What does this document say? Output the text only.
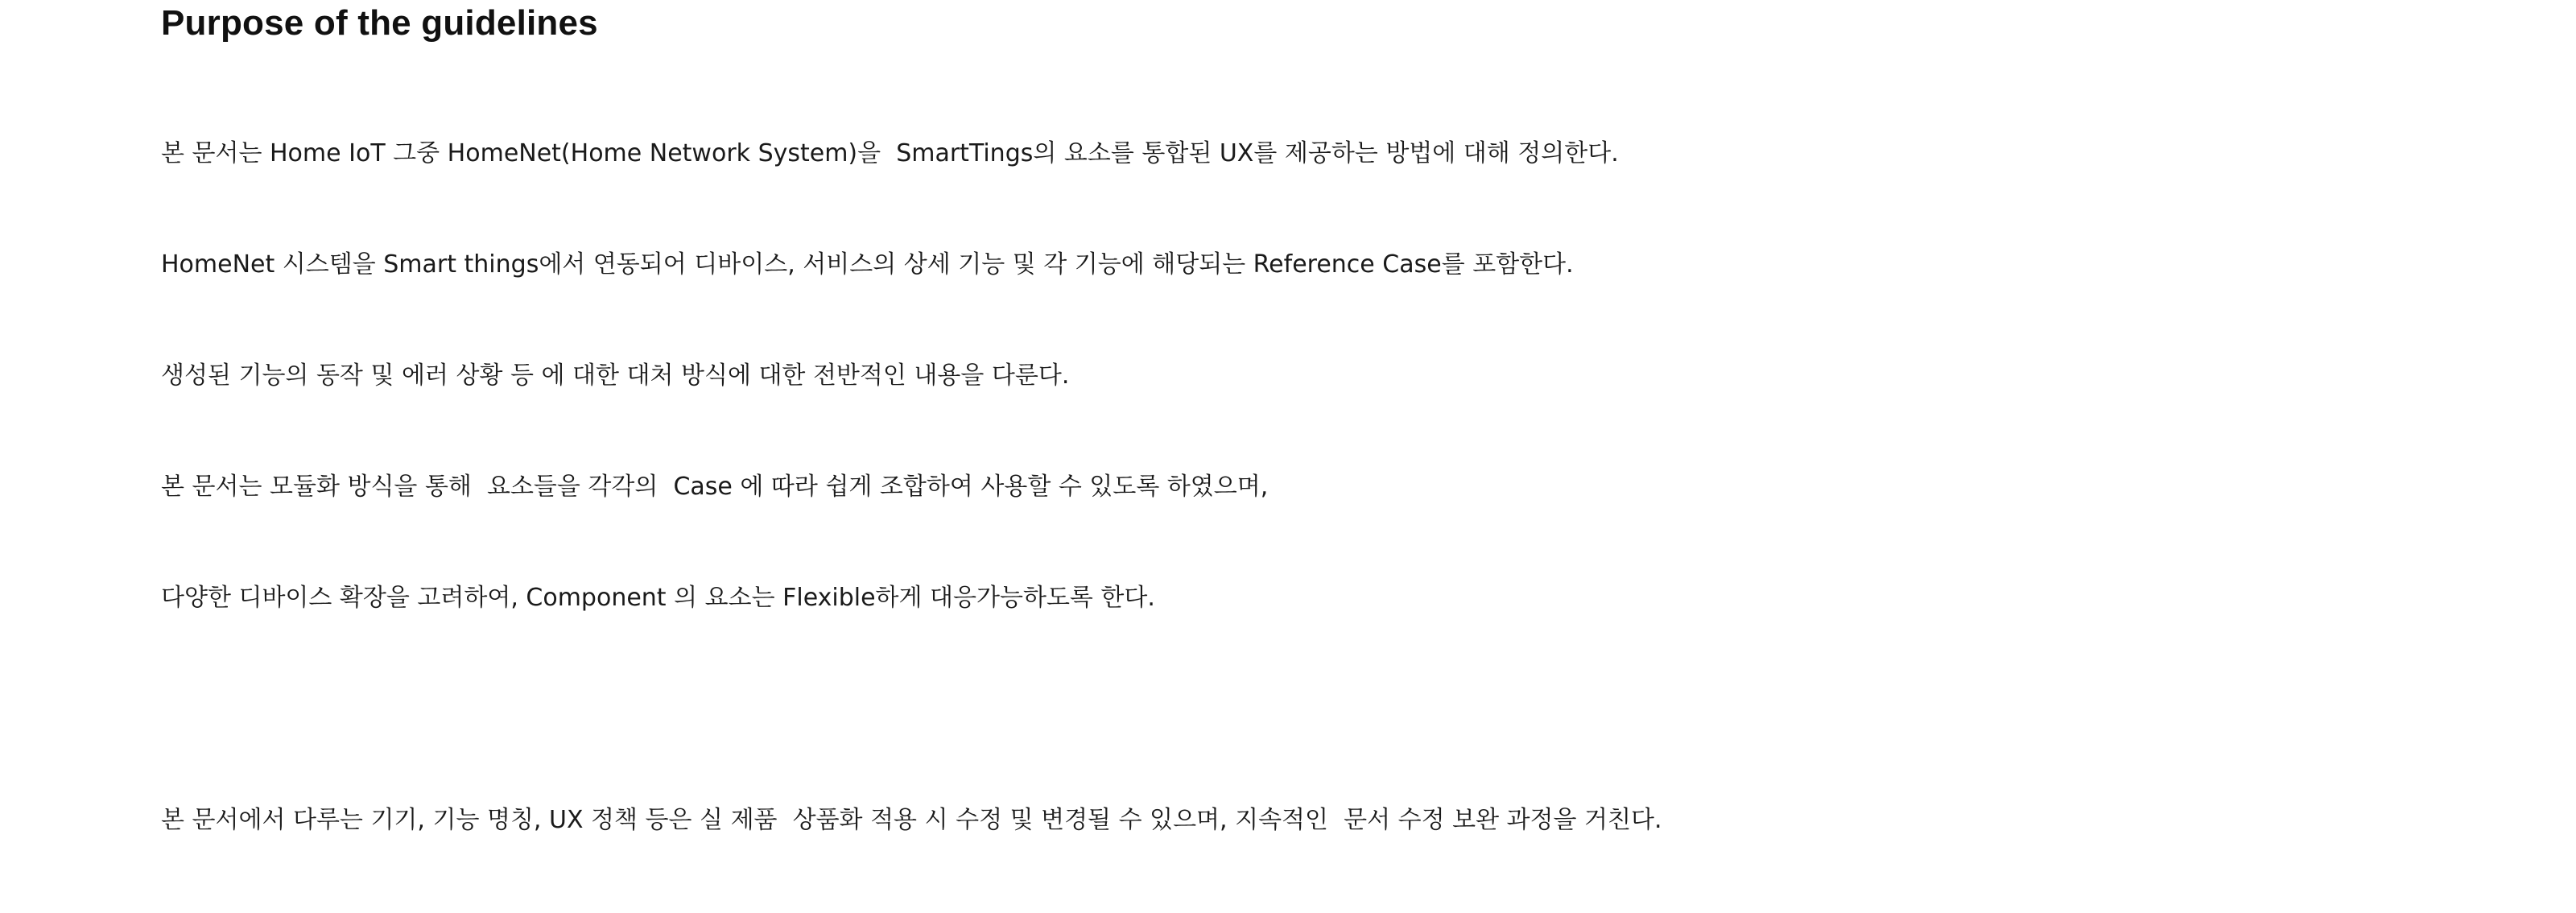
Purpose of the guidelines

본 문서는 Home IoT 그중 HomeNet(Home Network System)을  SmartTings의 요소를 통합된 UX를 제공하는 방법에 대해 정의한다.

HomeNet 시스템을 Smart things에서 연동되어 디바이스, 서비스의 상세 기능 및 각 기능에 해당되는 Reference Case를 포함한다.

생성된 기능의 동작 및 에러 상황 등 에 대한 대처 방식에 대한 전반적인 내용을 다룬다.

본 문서는 모듈화 방식을 통해  요소들을 각각의  Case 에 따라 쉽게 조합하여 사용할 수 있도록 하였으며,

다양한 디바이스 확장을 고려하여, Component 의 요소는 Flexible하게 대응가능하도록 한다.

본 문서에서 다루는 기기, 기능 명칭, UX 정책 등은 실 제품  상품화 적용 시 수정 및 변경될 수 있으며, 지속적인  문서 수정 보완 과정을 거친다.
